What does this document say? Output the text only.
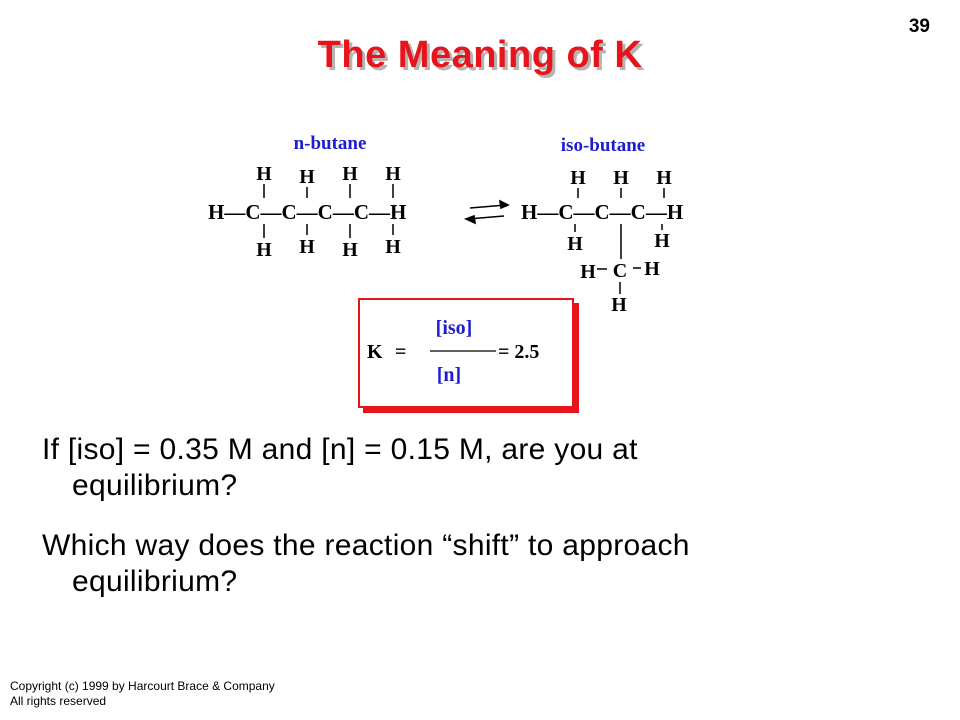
39
The Meaning of K
n-butane
H—C—C—C—C—H
H H H H
H H H H
iso-butane
H—C—C—C—H
H H H
H	H
H C H
H
K =
[iso]
[n]
= 2.5
If [iso] = 0.35 M and [n] = 0.15 M, are you at
equilibrium?
Which way does the reaction “shift” to approach
equilibrium?
Copyright (c) 1999 by Harcourt Brace & Company
All rights reserved
